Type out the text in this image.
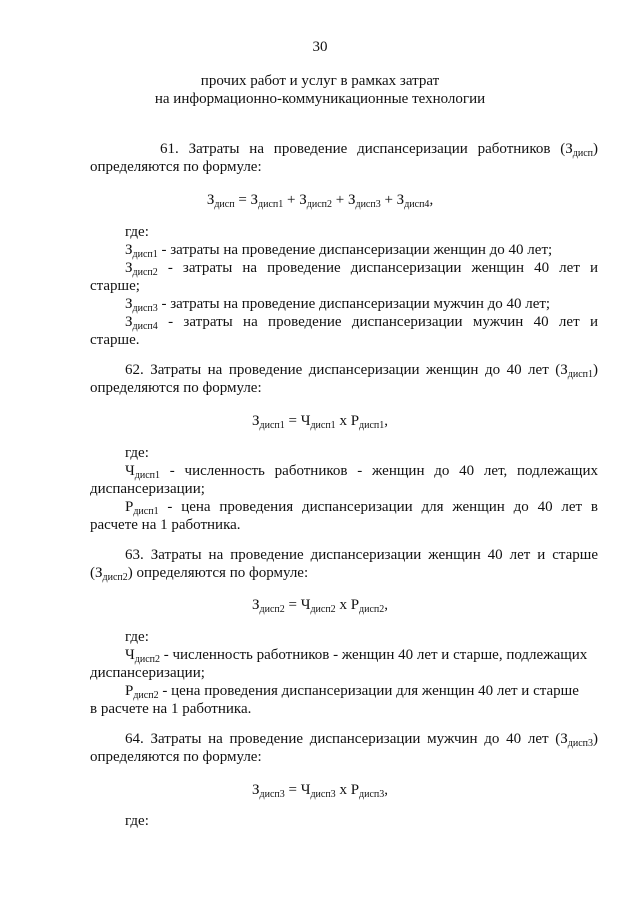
30
прочих работ и услуг в рамках затрат
на информационно-коммуникационные технологии
61. Затраты на проведение диспансеризации работников $(З_{дисп})$
определяются по формуле:
$З_{дисп} = З_{дисп1} + З_{дисп2} + З_{дисп3} + З_{дисп4}$,
где:
$З_{дисп1}$ - затраты на проведение диспансеризации женщин до 40 лет;
$З_{дисп2}$ - затраты на проведение диспансеризации женщин 40 лет и
старше;
$З_{дисп3}$ - затраты на проведение диспансеризации мужчин до 40 лет;
$З_{дисп4}$ - затраты на проведение диспансеризации мужчин 40 лет и
старше.
62. Затраты на проведение диспансеризации женщин до 40 лет $(З_{дисп1})$
определяются по формуле:
$З_{дисп1} = Ч_{дисп1}$ х $Р_{дисп1}$,
где:
$Ч_{дисп1}$ - численность работников - женщин до 40 лет, подлежащих
диспансеризации;
$Р_{дисп1}$ - цена проведения диспансеризации для женщин до 40 лет в
расчете на 1 работника.
63. Затраты на проведение диспансеризации женщин 40 лет и старше
$(З_{дисп2})$ определяются по формуле:
$З_{дисп2} = Ч_{дисп2}$ х $Р_{дисп2}$,
где:
$Ч_{дисп2}$ - численность работников - женщин 40 лет и старше, подлежащих
диспансеризации;
$Р_{дисп2}$ - цена проведения диспансеризации для женщин 40 лет и старше
в расчете на 1 работника.
64. Затраты на проведение диспансеризации мужчин до 40 лет $(З_{дисп3})$
определяются по формуле:
$З_{дисп3} = Ч_{дисп3}$ х $Р_{дисп3}$,
где:
